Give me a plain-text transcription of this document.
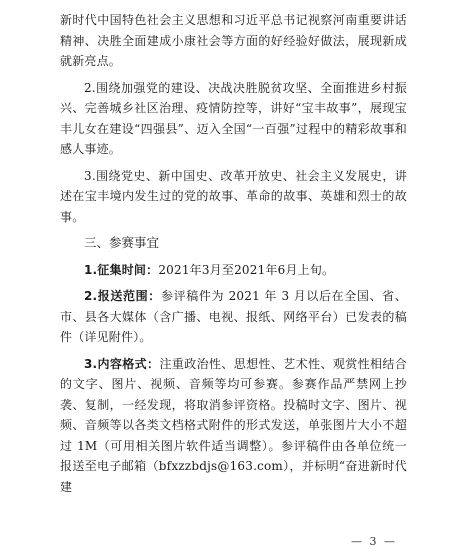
新时代中国特色社会主义思想和习近平总书记视察河南重要讲话精神、决胜全面建成小康社会等方面的好经验好做法，展现新成就新亮点。

2.围绕加强党的建设、决战决胜脱贫攻坚、全面推进乡村振兴、完善城乡社区治理、疫情防控等，讲好“宝丰故事”，展现宝丰儿女在建设“四强县”、迈入全国“一百强”过程中的精彩故事和感人事迹。

3.围绕党史、新中国史、改革开放史、社会主义发展史，讲述在宝丰境内发生过的党的故事、革命的故事、英雄和烈士的故事。

三、参赛事宜

1.征集时间：2021年3月至2021年6月上旬。

2.报送范围：参评稿件为 2021 年 3 月以后在全国、省、市、县各大媒体（含广播、电视、报纸、网络平台）已发表的稿件（详见附件）。

3.内容格式：注重政治性、思想性、艺术性、观赏性相结合的文字、图片、视频、音频等均可参赛。参赛作品严禁网上抄袭、复制，一经发现，将取消参评资格。投稿时文字、图片、视频、音频等以各类文档格式附件的形式发送，单张图片大小不超过 1M（可用相关图片软件适当调整）。参评稿件由各单位统一报送至电子邮箱（bfxzzbdjs@163.com），并标明“奋进新时代　建

— 3 —
